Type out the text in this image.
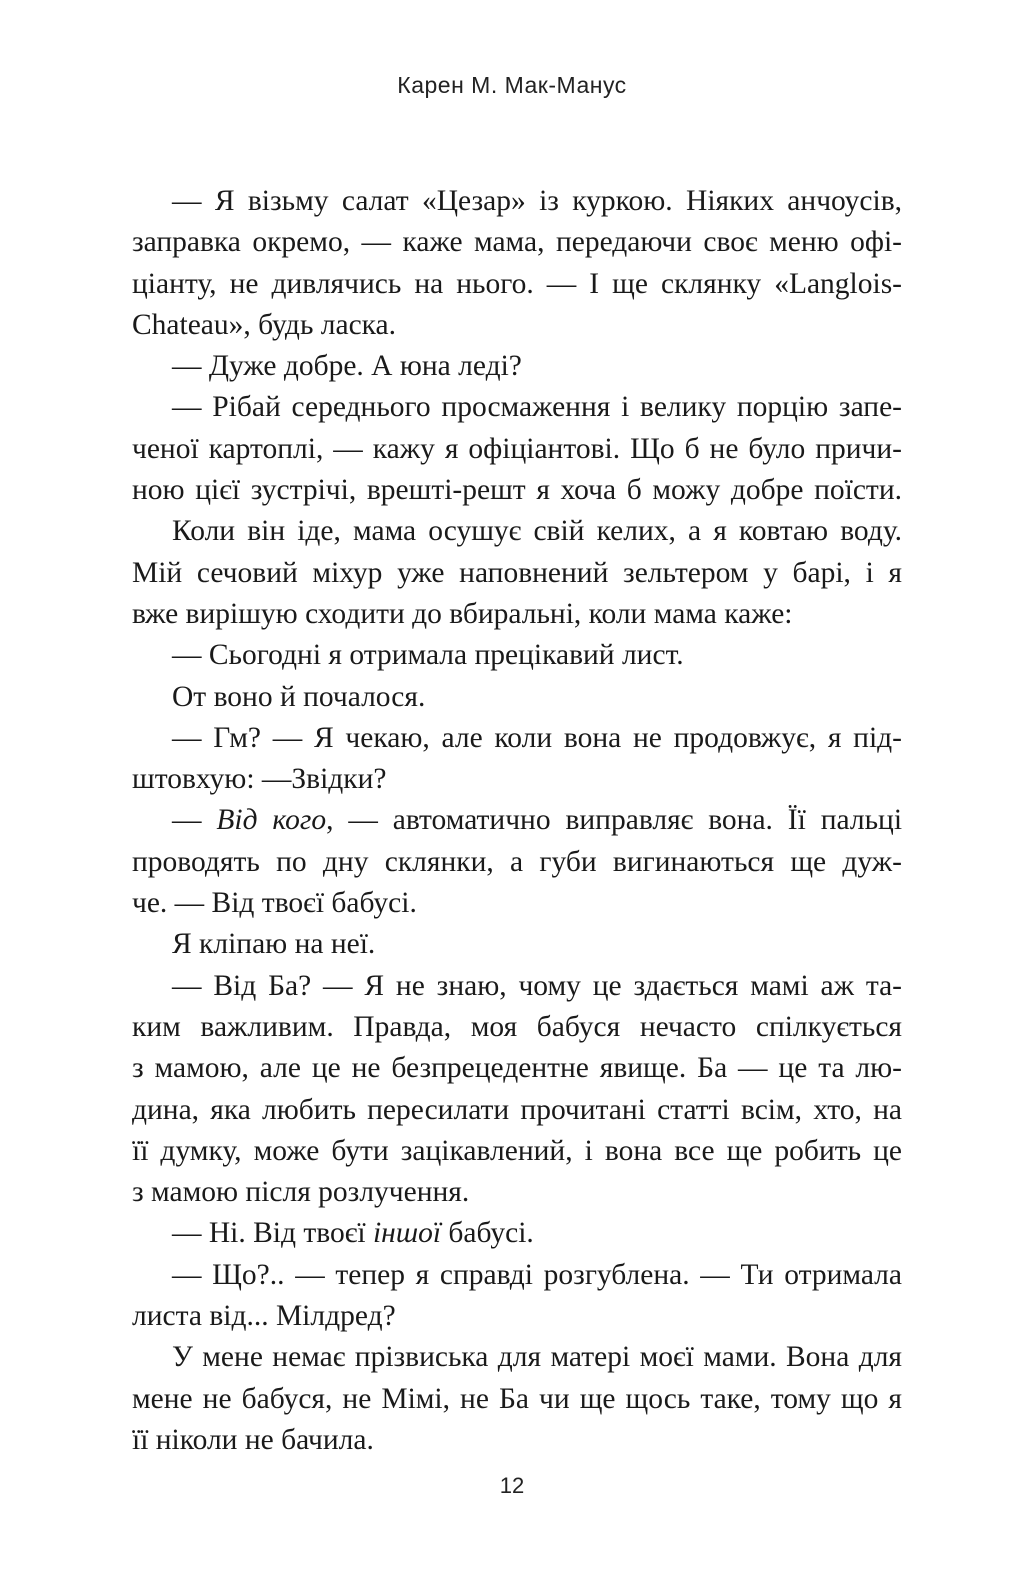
Карен М. Мак-Манус
— Я візьму салат «Цезар» із куркою. Ніяких анчоусів,
заправка окремо, — каже мама, передаючи своє меню офі-
ціанту, не дивлячись на нього. — І ще склянку «Langlois-
Chateau», будь ласка.
— Дуже добре. А юна леді?
— Рібай середнього просмаження і велику порцію запе-
ченої картоплі, — кажу я офіціантові. Що б не було причи-
ною цієї зустрічі, врешті-решт я хоча б можу добре поїсти.
Коли він іде, мама осушує свій келих, а я ковтаю воду.
Мій сечовий міхур уже наповнений зельтером у барі, і я
вже вирішую сходити до вбиральні, коли мама каже:
— Сьогодні я отримала прецікавий лист.
От воно й почалося.
— Гм? — Я чекаю, але коли вона не продовжує, я під-
штовхую: —Звідки?
— Від кого, — автоматично виправляє вона. Її пальці
проводять по дну склянки, а губи вигинаються ще дуж-
че. — Від твоєї бабусі.
Я кліпаю на неї.
— Від Ба? — Я не знаю, чому це здається мамі аж та-
ким важливим. Правда, моя бабуся нечасто спілкується
з мамою, але це не безпрецедентне явище. Ба — це та лю-
дина, яка любить пересилати прочитані статті всім, хто, на
її думку, може бути зацікавлений, і вона все ще робить це
з мамою після розлучення.
— Ні. Від твоєї іншої бабусі.
— Що?.. — тепер я справді розгублена. — Ти отримала
листа від... Мілдред?
У мене немає прізвиська для матері моєї мами. Вона для
мене не бабуся, не Мімі, не Ба чи ще щось таке, тому що я
її ніколи не бачила.
12
